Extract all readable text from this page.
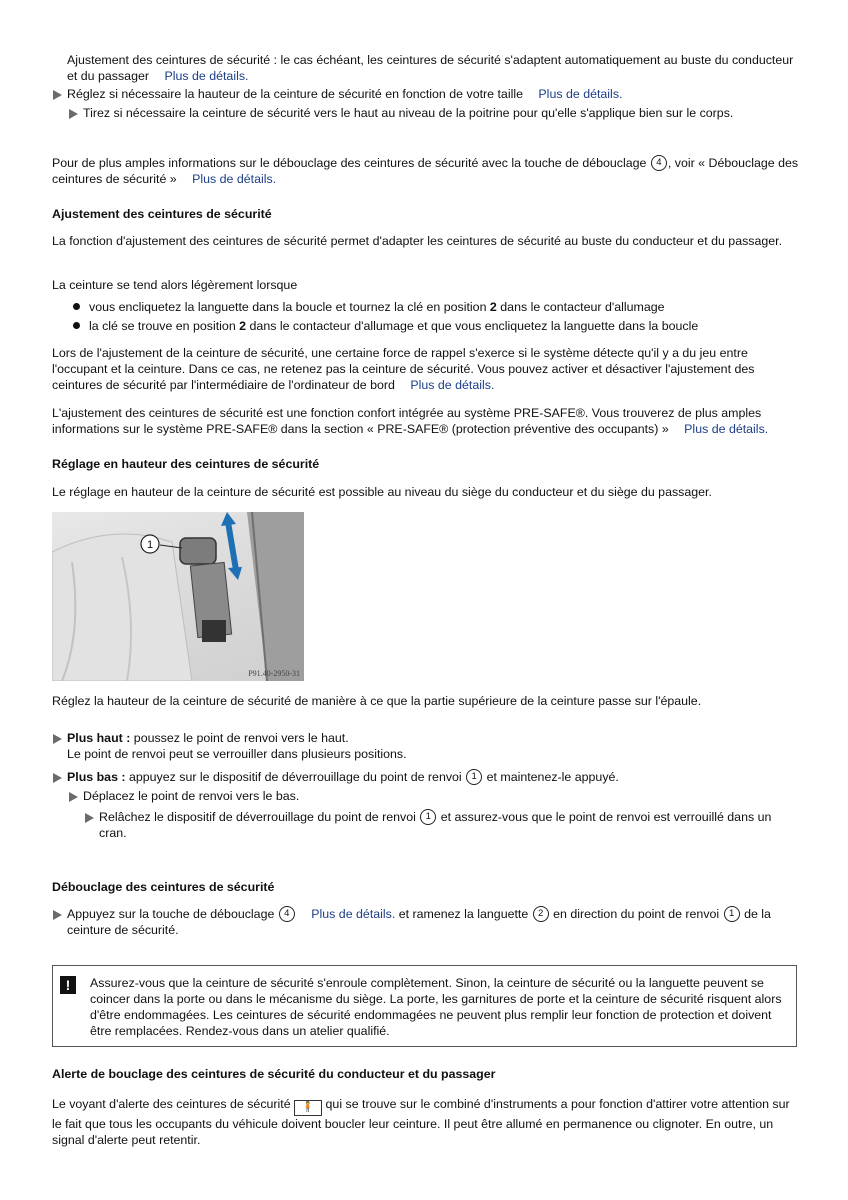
Ajustement des ceintures de sécurité : le cas échéant, les ceintures de sécurité s'adaptent automatiquement au buste du conducteur et du passager Plus de détails.

Réglez si nécessaire la hauteur de la ceinture de sécurité en fonction de votre taille Plus de détails.
Tirez si nécessaire la ceinture de sécurité vers le haut au niveau de la poitrine pour qu'elle s'applique bien sur le corps.

Pour de plus amples informations sur le débouclage des ceintures de sécurité avec la touche de débouclage 4 , voir « Débouclage des ceintures de sécurité » Plus de détails.

Ajustement des ceintures de sécurité

La fonction d'ajustement des ceintures de sécurité permet d'adapter les ceintures de sécurité au buste du conducteur et du passager.

La ceinture se tend alors légèrement lorsque

vous encliquetez la languette dans la boucle et tournez la clé en position 2 dans le contacteur d'allumage
la clé se trouve en position 2 dans le contacteur d'allumage et que vous encliquetez la languette dans la boucle

Lors de l'ajustement de la ceinture de sécurité, une certaine force de rappel s'exerce si le système détecte qu'il y a du jeu entre l'occupant et la ceinture. Dans ce cas, ne retenez pas la ceinture de sécurité. Vous pouvez activer et désactiver l'ajustement des ceintures de sécurité par l'intermédiaire de l'ordinateur de bord Plus de détails.

L'ajustement des ceintures de sécurité est une fonction confort intégrée au système PRE-SAFE®. Vous trouverez de plus amples informations sur le système PRE-SAFE® dans la section « PRE-SAFE® (protection préventive des occupants) » Plus de détails.

Réglage en hauteur des ceintures de sécurité

Le réglage en hauteur de la ceinture de sécurité est possible au niveau du siège du conducteur et du siège du passager.

1
P91.40-2950-31

Réglez la hauteur de la ceinture de sécurité de manière à ce que la partie supérieure de la ceinture passe sur l'épaule.

Plus haut : poussez le point de renvoi vers le haut.
Le point de renvoi peut se verrouiller dans plusieurs positions.
Plus bas : appuyez sur le dispositif de déverrouillage du point de renvoi 1 et maintenez-le appuyé.
Déplacez le point de renvoi vers le bas.
Relâchez le dispositif de déverrouillage du point de renvoi 1 et assurez-vous que le point de renvoi est verrouillé dans un cran.

Débouclage des ceintures de sécurité

Appuyez sur la touche de débouclage 4 Plus de détails. et ramenez la languette 2 en direction du point de renvoi 1 de la ceinture de sécurité.
!	Assurez-vous que la ceinture de sécurité s'enroule complètement. Sinon, la ceinture de sécurité ou la languette peuvent se coincer dans la porte ou dans le mécanisme du siège. La porte, les garnitures de porte et la ceinture de sécurité risquent alors d'être endommagées. Les ceintures de sécurité endommagées ne peuvent plus remplir leur fonction de protection et doivent être remplacées. Rendez-vous dans un atelier qualifié.

Alerte de bouclage des ceintures de sécurité du conducteur et du passager

Le voyant d'alerte des ceintures de sécurité 🧍 qui se trouve sur le combiné d'instruments a pour fonction d'attirer votre attention sur le fait que tous les occupants du véhicule doivent boucler leur ceinture. Il peut être allumé en permanence ou clignoter. En outre, un signal d'alerte peut retentir.
